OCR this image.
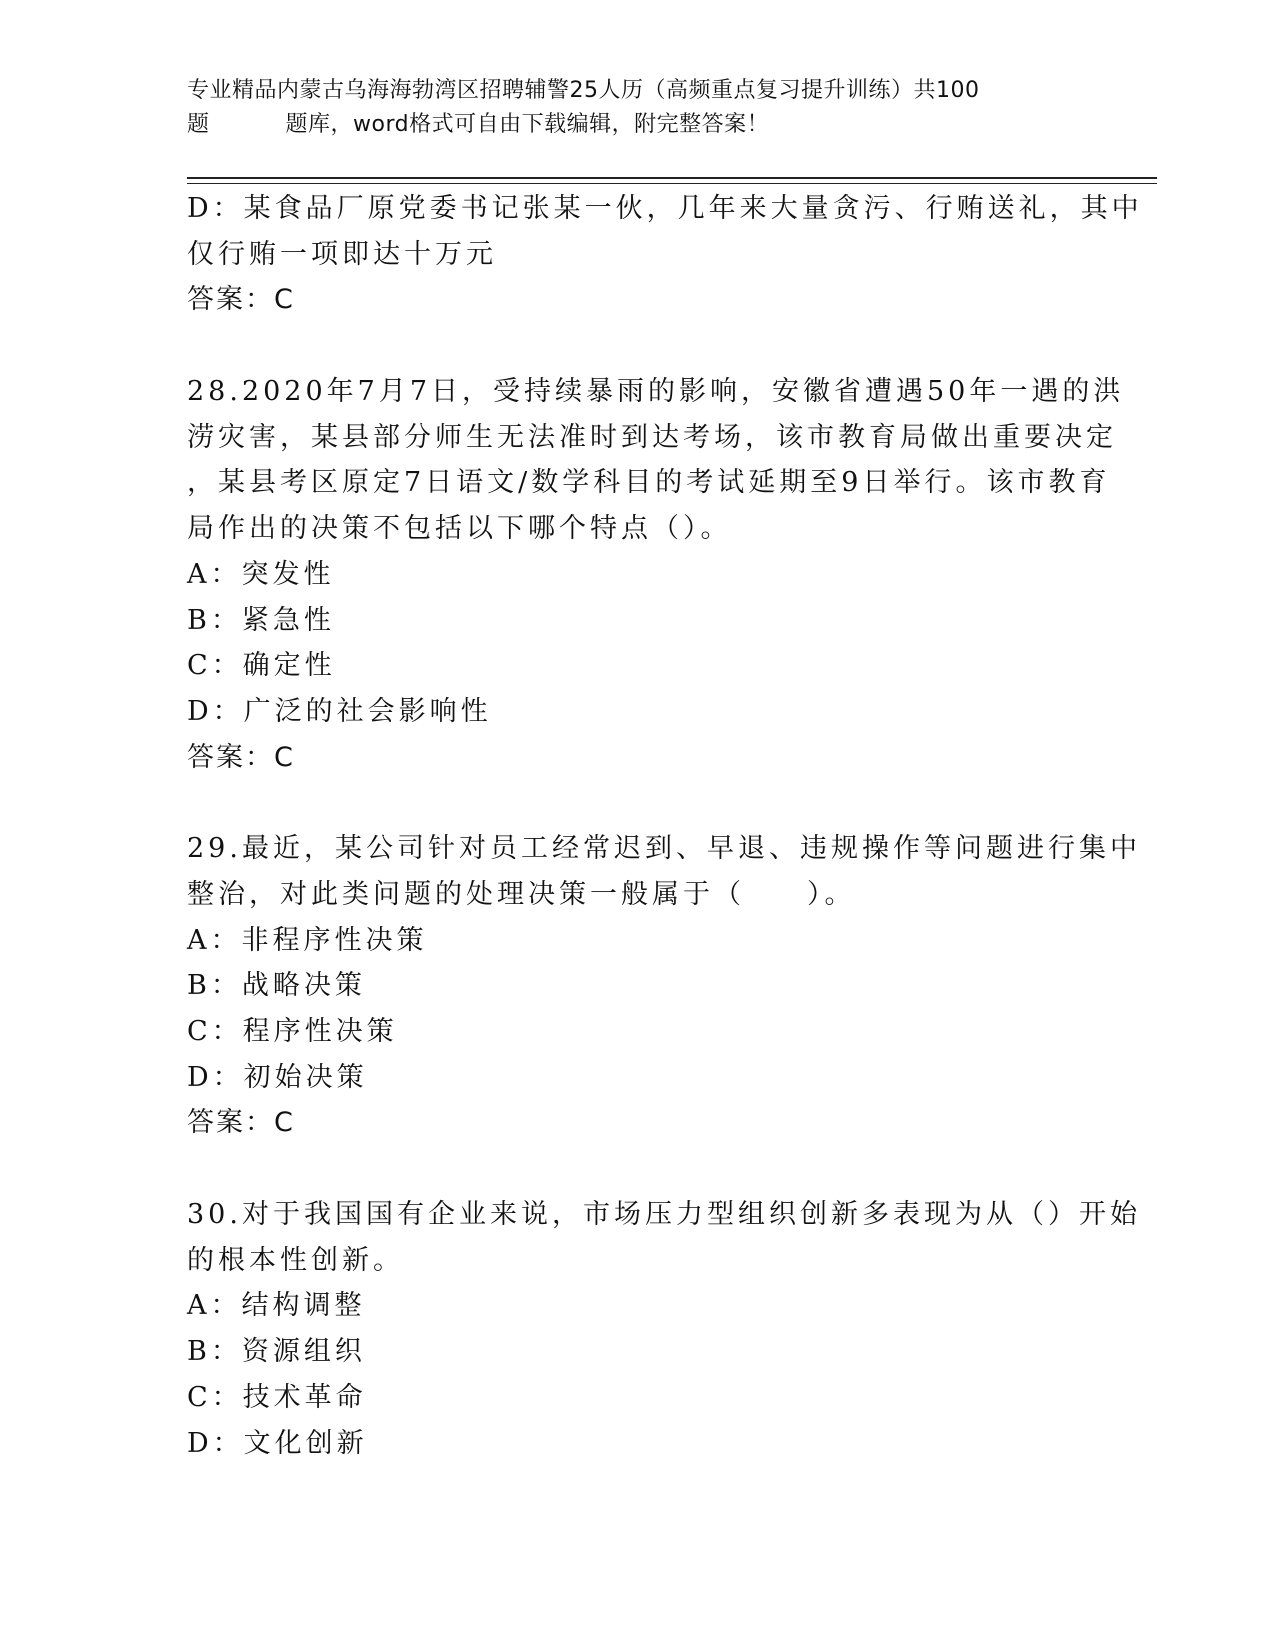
专业精品内蒙古乌海海勃湾区招聘辅警25人历（高频重点复习提升训练）共100
题	题库，word格式可自由下载编辑，附完整答案！
D：某食品厂原党委书记张某一伙，几年来大量贪污、行贿送礼，其中
仅行贿一项即达十万元
答案：C
28.2020年7月7日，受持续暴雨的影响，安徽省遭遇50年一遇的洪
涝灾害，某县部分师生无法准时到达考场，该市教育局做出重要决定
，某县考区原定7日语文/数学科目的考试延期至9日举行。该市教育
局作出的决策不包括以下哪个特点（）。
A：突发性
B：紧急性
C：确定性
D：广泛的社会影响性
答案：C
29.最近，某公司针对员工经常迟到、早退、违规操作等问题进行集中
整治，对此类问题的处理决策一般属于（　　）。
A：非程序性决策
B：战略决策
C：程序性决策
D：初始决策
答案：C
30.对于我国国有企业来说，市场压力型组织创新多表现为从（）开始
的根本性创新。
A：结构调整
B：资源组织
C：技术革命
D：文化创新
